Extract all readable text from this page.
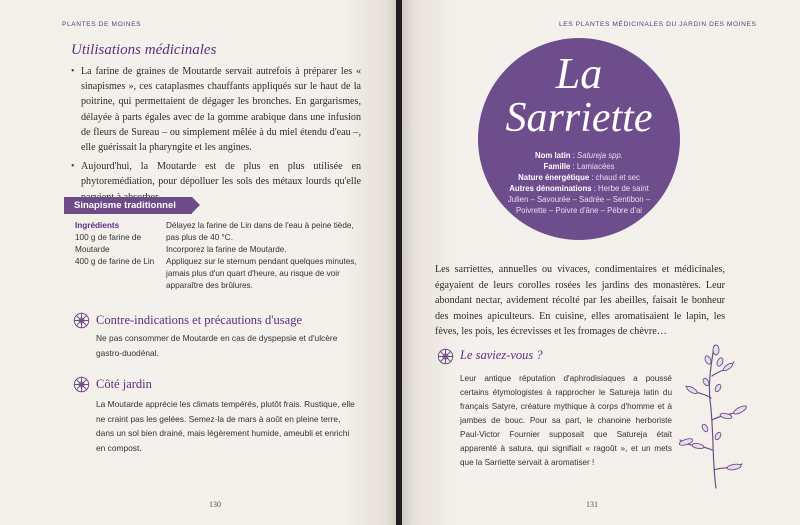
PLANTES DE MOINES
Utilisations médicinales
• La farine de graines de Moutarde servait autrefois à préparer les « sinapismes », ces cataplasmes chauffants appliqués sur le haut de la poitrine, qui permettaient de dégager les bronches. En gargarismes, délayée à parts égales avec de la gomme arabique dans une infusion de fleurs de Sureau – ou simplement mêlée à du miel étendu d'eau –, elle guérissait la pharyngite et les angines.
• Aujourd'hui, la Moutarde est de plus en plus utilisée en phytoremédiation, pour dépolluer les sols des métaux lourds qu'elle
Sinapisme traditionnel
Ingrédients
100 g de farine de Moutarde
400 g de farine de Lin
Délayez la farine de Lin dans de l'eau à peine tiède, pas plus de 40 °C.
Incorporez la farine de Moutarde.
Appliquez sur le sternum pendant quelques minutes, jamais plus d'un quart d'heure, au risque de voir apparaître des brûlures.
Contre-indications et précautions d'usage
Ne pas consommer de Moutarde en cas de dyspepsie et d'ulcère gastro-duodénal.
Côté jardin
La Moutarde apprécie les climats tempérés, plutôt frais. Rustique, elle ne craint pas les gelées. Semez-la de mars à août en pleine terre, dans un sol bien drainé, mais légèrement humide, ameubli et enrichi en compost.
130
LES PLANTES MÉDICINALES DU JARDIN DES MOINES
La
Sarriette
Nom latin : Satureja spp.
Famille : Lamiacées
Nature énergétique : chaud et sec
Autres dénominations : Herbe de saint Julien – Savourée – Sadrée – Sentibon – Poivrette – Poivre d'âne – Pèbre d'ai
Les sarriettes, annuelles ou vivaces, condimentaires et médicinales, égayaient de leurs corolles rosées les jardins des monastères. Leur abondant nectar, avidement récolté par les abeilles, faisait le bonheur des moines apiculteurs. En cuisine, elles aromatisaient le lapin, les fèves, les pois, les écrevisses et les fromages de chèvre…
Le saviez-vous ?
Leur antique réputation d'aphrodisiaques a poussé certains étymologistes à rapprocher le Satureja latin du français Satyre, créature mythique à corps d'homme et à jambes de bouc. Pour sa part, le chanoine herboriste Paul-Victor Fournier supposait que Satureja était apparenté à satura, qui signifiait « ragoût », et un mets que la Sarriette servait à aromatiser !
131
